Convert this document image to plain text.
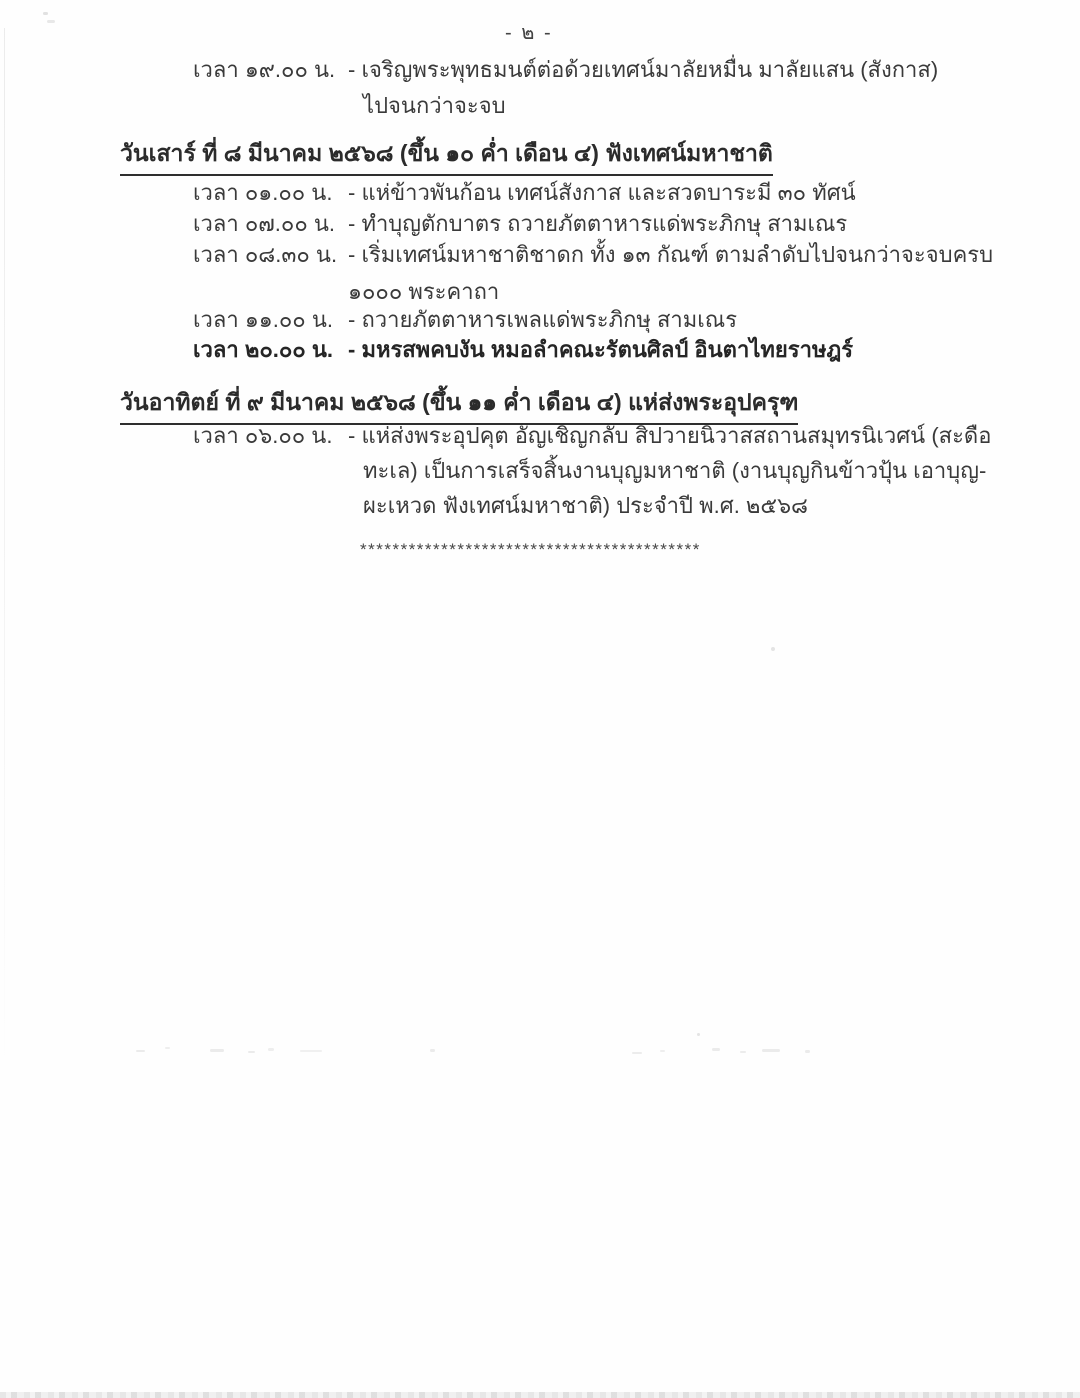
- ๒ -
เวลา ๑๙.๐๐ น. - เจริญพระพุทธมนต์ต่อด้วยเทศน์มาลัยหมื่น มาลัยแสน (สังกาส)
ไปจนกว่าจะจบ
วันเสาร์ ที่ ๘ มีนาคม ๒๕๖๘ (ขึ้น ๑๐ ค่ำ เดือน ๔) ฟังเทศน์มหาชาติ
เวลา ๐๑.๐๐ น. - แห่ข้าวพันก้อน เทศน์สังกาส และสวดบาระมี ๓๐ ทัศน์
เวลา ๐๗.๐๐ น. - ทำบุญตักบาตร ถวายภัตตาหารแด่พระภิกษุ สามเณร
เวลา ๐๘.๓๐ น. - เริ่มเทศน์มหาชาติชาดก ทั้ง ๑๓ กัณฑ์ ตามลำดับไปจนกว่าจะจบครบ
๑๐๐๐ พระคาถา
เวลา ๑๑.๐๐ น. - ถวายภัตตาหารเพลแด่พระภิกษุ สามเณร
เวลา ๒๐.๐๐ น. - มหรสพคบงัน หมอลำคณะรัตนศิลป์ อินตาไทยราษฎร์
วันอาทิตย์ ที่ ๙ มีนาคม ๒๕๖๘ (ขึ้น ๑๑ ค่ำ เดือน ๔) แห่ส่งพระอุปครุฑ
เวลา ๐๖.๐๐ น. - แห่ส่งพระอุปคุต อัญเชิญกลับ สิปวายนิวาสสถานสมุทรนิเวศน์ (สะดือ
ทะเล) เป็นการเสร็จสิ้นงานบุญมหาชาติ (งานบุญกินข้าวปุ้น เอาบุญ-
ผะเหวด ฟังเทศน์มหาชาติ) ประจำปี พ.ศ. ๒๕๖๘
******************************************
